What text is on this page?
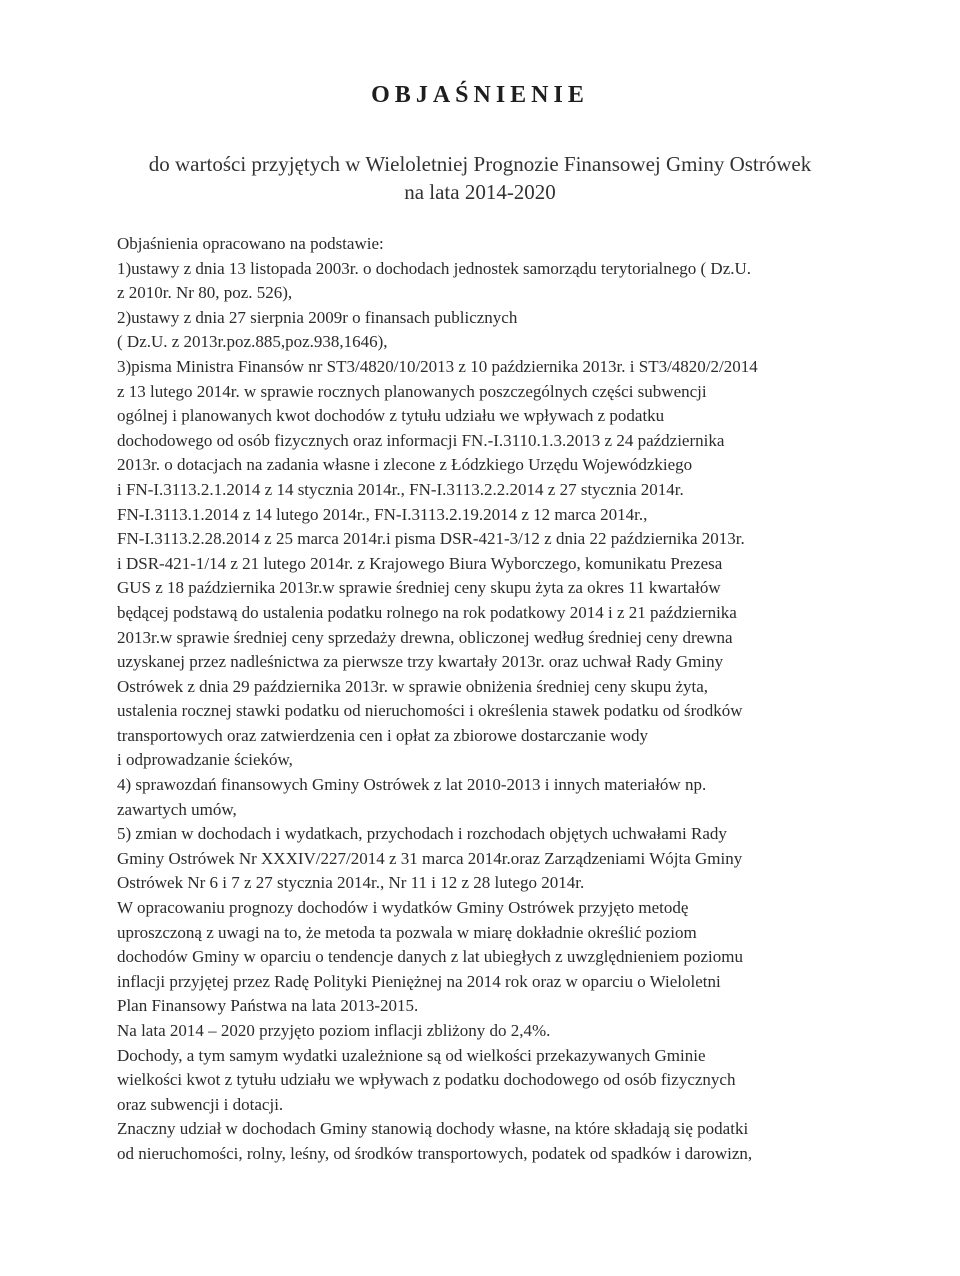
OBJAŚNIENIE
do wartości przyjętych w Wieloletniej Prognozie Finansowej Gminy Ostrówek
na lata 2014-2020
Objaśnienia opracowano na podstawie:
1)ustawy z dnia 13 listopada 2003r. o dochodach jednostek samorządu terytorialnego ( Dz.U.
z 2010r. Nr 80, poz. 526),
2)ustawy z dnia 27 sierpnia 2009r o finansach publicznych
( Dz.U. z 2013r.poz.885,poz.938,1646),
3)pisma Ministra Finansów nr ST3/4820/10/2013 z 10 października 2013r. i ST3/4820/2/2014
z 13 lutego 2014r. w sprawie rocznych planowanych poszczególnych części subwencji
ogólnej i planowanych kwot dochodów z tytułu udziału we wpływach z podatku
dochodowego od osób fizycznych oraz informacji FN.-I.3110.1.3.2013 z 24 października
2013r. o dotacjach na zadania własne i zlecone z Łódzkiego Urzędu Wojewódzkiego
i FN-I.3113.2.1.2014 z 14 stycznia 2014r., FN-I.3113.2.2.2014 z 27 stycznia 2014r.
FN-I.3113.1.2014 z 14 lutego 2014r., FN-I.3113.2.19.2014 z 12 marca 2014r.,
FN-I.3113.2.28.2014 z 25 marca 2014r.i pisma DSR-421-3/12 z dnia 22 października 2013r.
i DSR-421-1/14 z 21 lutego 2014r. z Krajowego Biura Wyborczego, komunikatu Prezesa
GUS z 18 października 2013r.w sprawie średniej ceny skupu żyta za okres 11 kwartałów
będącej podstawą do ustalenia podatku rolnego na rok podatkowy 2014 i z 21 października
2013r.w sprawie średniej ceny sprzedaży drewna, obliczonej według średniej ceny drewna
uzyskanej przez nadleśnictwa za pierwsze trzy kwartały 2013r. oraz uchwał Rady Gminy
Ostrówek z dnia 29 października 2013r. w sprawie obniżenia średniej ceny skupu żyta,
ustalenia rocznej stawki podatku od nieruchomości i określenia stawek podatku od środków
transportowych oraz zatwierdzenia cen i opłat za zbiorowe dostarczanie wody
i odprowadzanie ścieków,
4) sprawozdań finansowych Gminy Ostrówek z lat 2010-2013 i innych materiałów np.
zawartych umów,
5) zmian w dochodach i wydatkach, przychodach i rozchodach objętych uchwałami Rady
Gminy Ostrówek Nr XXXIV/227/2014 z 31 marca 2014r.oraz Zarządzeniami Wójta Gminy
Ostrówek Nr 6 i 7 z 27 stycznia 2014r., Nr 11 i 12 z 28 lutego 2014r.
W opracowaniu prognozy dochodów i wydatków Gminy Ostrówek przyjęto metodę
uproszczoną z uwagi na to, że metoda ta pozwala w miarę dokładnie określić poziom
dochodów Gminy w oparciu o tendencje danych z lat ubiegłych z uwzględnieniem poziomu
inflacji przyjętej przez Radę Polityki Pieniężnej na 2014 rok oraz w oparciu o Wieloletni
Plan Finansowy Państwa na lata 2013-2015.
Na lata 2014 – 2020 przyjęto poziom inflacji zbliżony do 2,4%.
Dochody, a tym samym wydatki uzależnione są od wielkości przekazywanych Gminie
wielkości kwot z tytułu udziału we wpływach z podatku dochodowego od osób fizycznych
oraz subwencji i dotacji.
Znaczny udział w dochodach Gminy stanowią dochody własne, na które składają się podatki
od nieruchomości, rolny, leśny, od środków transportowych, podatek od spadków i darowizn,
